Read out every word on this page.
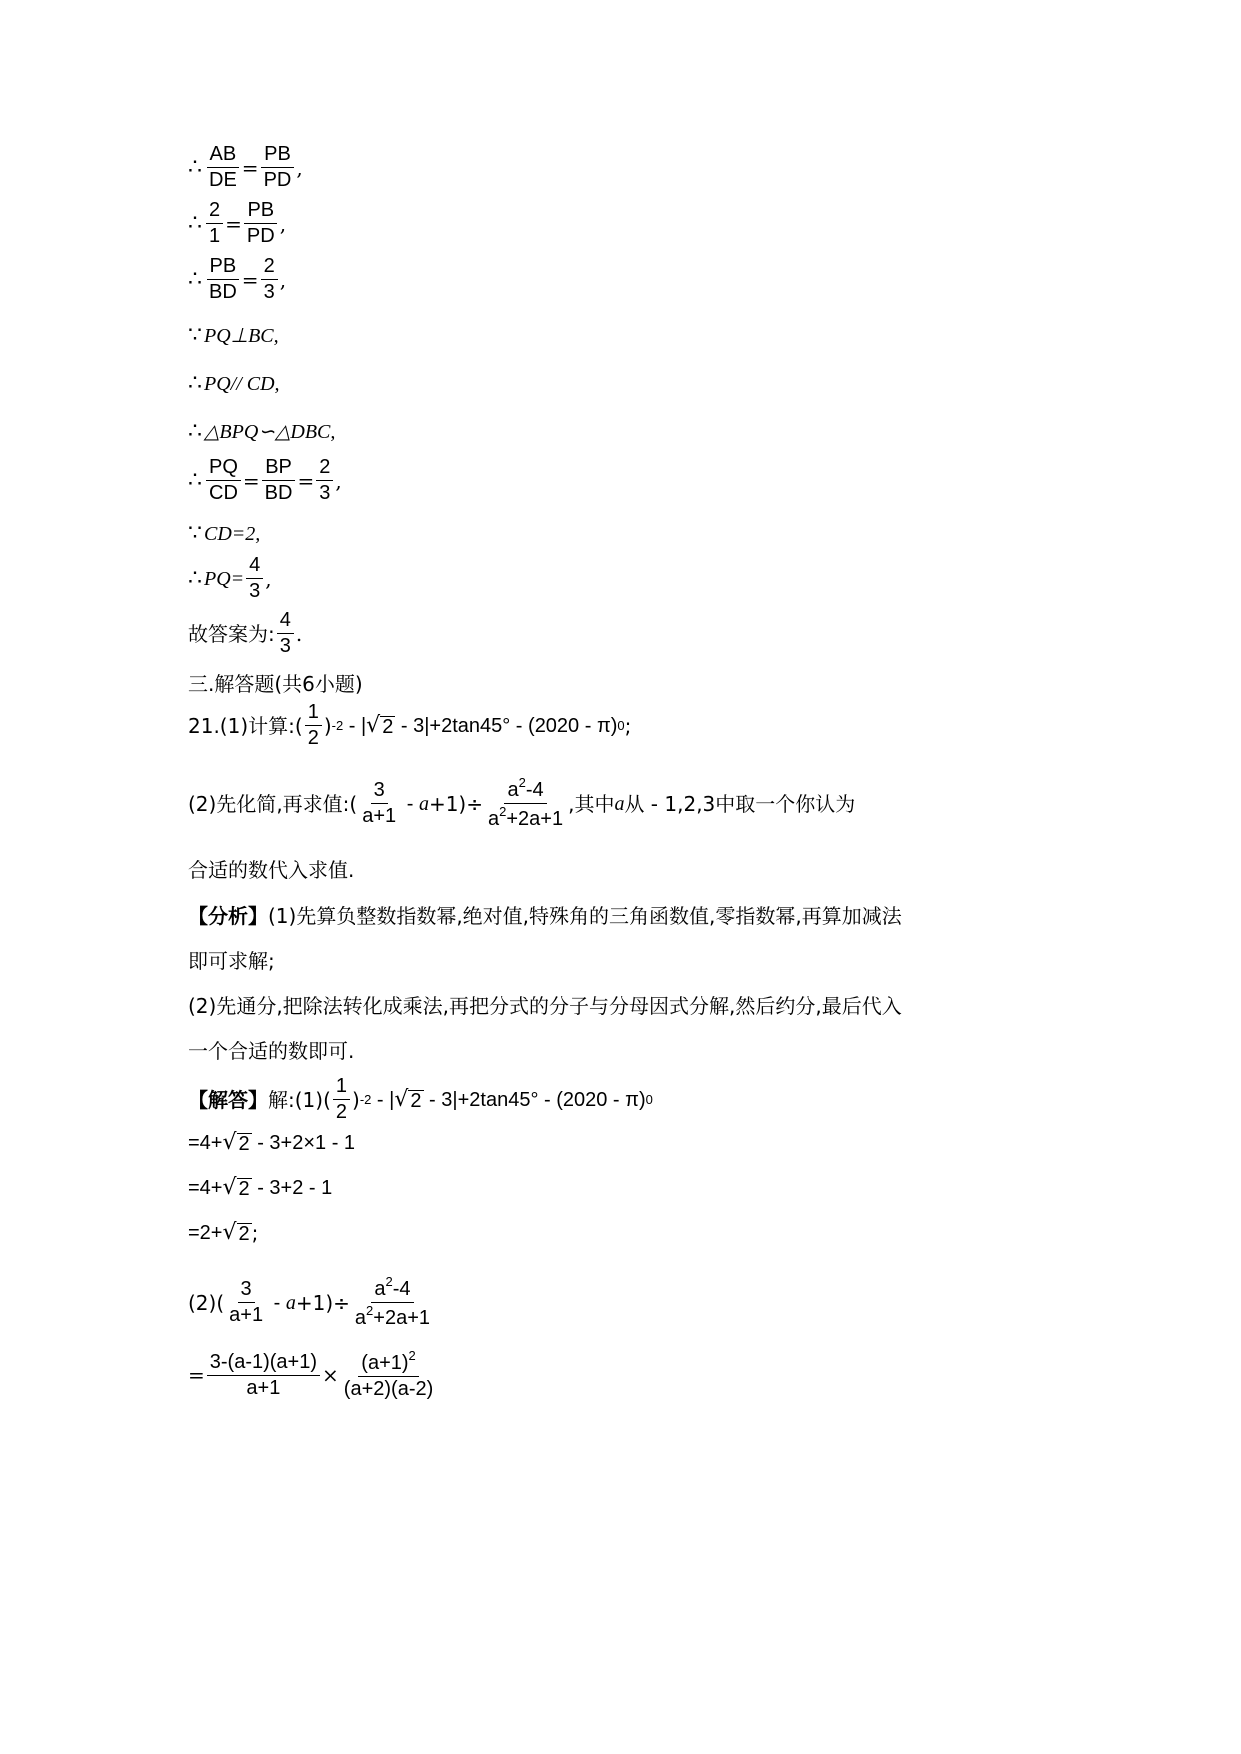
∴ $\frac{AB}{DE} = \frac{PB}{PD}$ ,
∴ $\frac{2}{1} = \frac{PB}{PD}$ ,
∴ $\frac{PB}{BD} = \frac{2}{3}$ ,
∵ PQ⊥BC,
∴ PQ// CD,
∴ △BPQ∽△DBC,
∴ $\frac{PQ}{CD} = \frac{BP}{BD} = \frac{2}{3}$ ,
∵ CD=2,
∴ $PQ= \frac{4}{3}$ ,
故答案为: $\frac{4}{3}$ .
三.解答题(共6小题)
21.(1)计算: ( $\frac{1}{2}$ ) -2 - | √ 2 - 3|+2tan45° - (2020 - π) 0 ;
(2)先化简,再求值:( $\frac{3}{a+1} - a +1)\div \frac{a^2-4}{a^2+2a+1}$ ,其中 a 从 - 1,2,3中取一个你认为
合适的数代入求值.
【分析】 (1)先算负整数指数幂,绝对值,特殊角的三角函数值,零指数幂,再算加减法
即可求解;
(2)先通分,把除法转化成乘法,再把分式的分子与分母因式分解,然后约分,最后代入
一个合适的数即可.
【解答】 解:(1)( $\frac{1}{2}$ ) -2 - | √ 2 - 3|+2tan45° - (2020 - π) 0
=4+ √ 2 - 3+2×1 - 1
=4+ √ 2 - 3+2 - 1
=2+ √ 2 ;
$(2)( \frac{3}{a+1} - a +1)\div \frac{a^2-4}{a^2+2a+1}$
= $\frac{3-(a-1)(a+1)}{a+1} \times \frac{(a+1)^2}{(a+2)(a-2)}$
